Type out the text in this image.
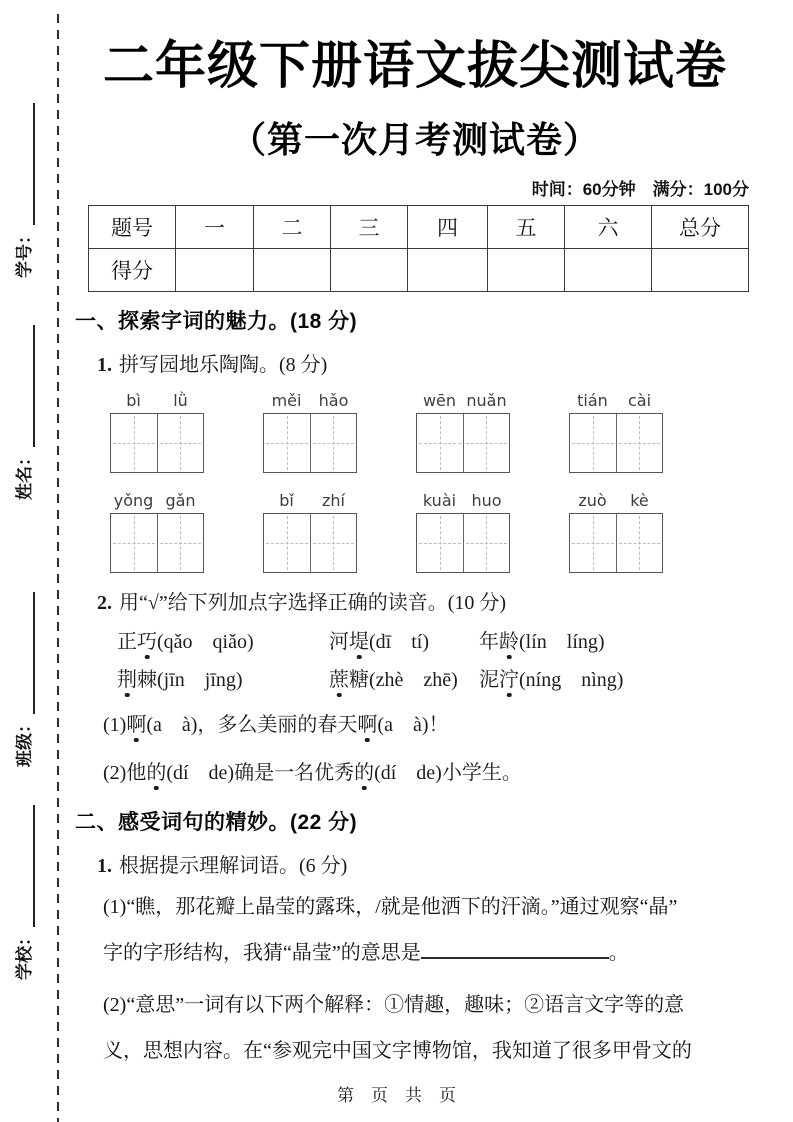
学号：
姓名：
班级：
学校：
二年级下册语文拔尖测试卷
（第一次月考测试卷）
时间：60分钟　满分：100分
题号	一	二	三	四	五	六	总分
得分							
一、探索字词的魅力。(18 分)
1. 拼写园地乐陶陶。(8 分)
bì	lǜ	měi	hǎo	wēn nuǎn	tián	cài
yǒng gǎn	bǐ	zhí	kuài huo	zuò	kè
2. 用“√”给下列加点字选择正确的读音。(10 分)
正巧(qǎo　qiǎo)	河堤(dī　tí)	年龄(lín　líng)
荆棘(jīn　jīng)	蔗糖(zhè　zhē)	泥泞(níng　nìng)
(1)啊(a　à)，多么美丽的春天啊(a　à)！
(2)他的(dí　de)确是一名优秀的(dí　de)小学生。
二、感受词句的精妙。(22 分)
1. 根据提示理解词语。(6 分)
(1)“瞧，那花瓣上晶莹的露珠，/就是他洒下的汗滴。”通过观察“晶”
字的字形结构，我猜“晶莹”的意思是	。
(2)“意思”一词有以下两个解释：①情趣，趣味；②语言文字等的意
义，思想内容。在“参观完中国文字博物馆，我知道了很多甲骨文的
第　页　共　页
